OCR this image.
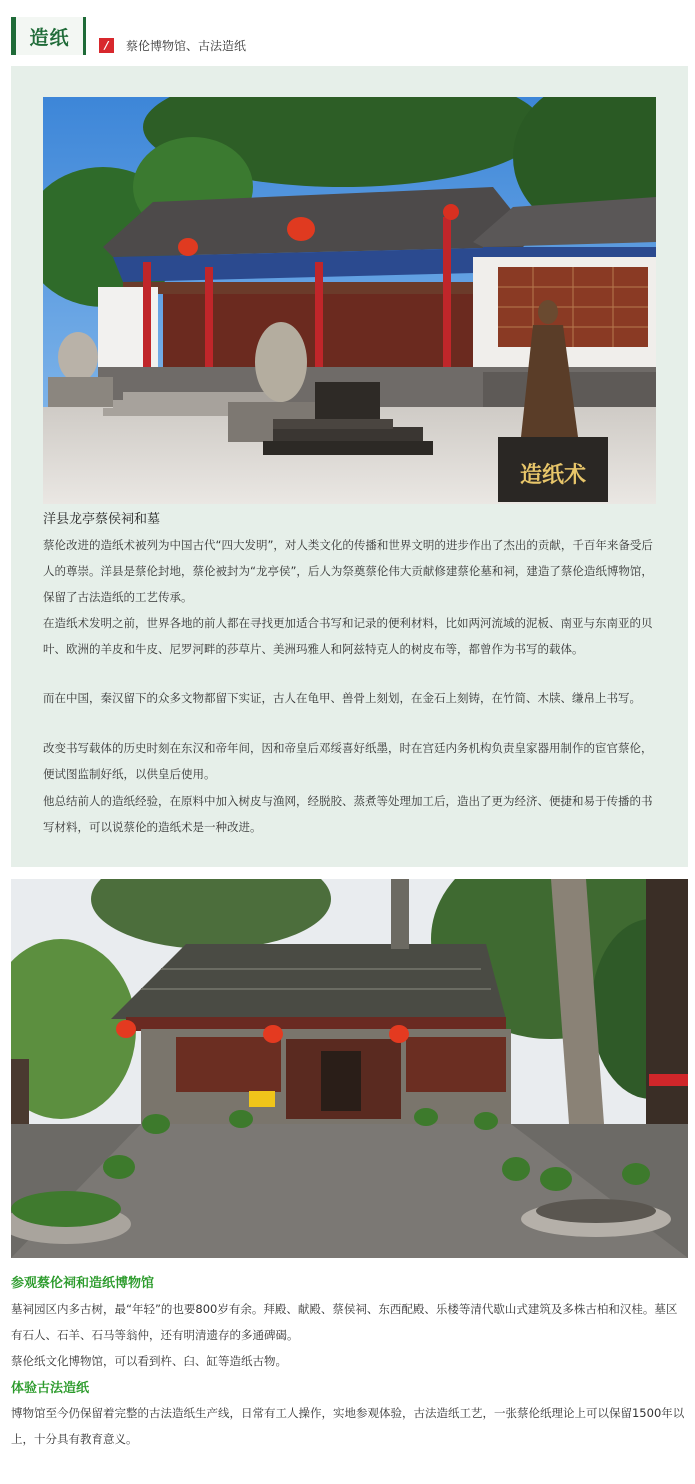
造纸	/	蔡伦博物馆、古法造纸
造纸术
洋县龙亭蔡侯祠和墓
蔡伦改进的造纸术被列为中国古代“四大发明”，对人类文化的传播和世界文明的进步作出了杰出的贡献，千百年来备受后人的尊崇。洋县是蔡伦封地，蔡伦被封为“龙亭侯”，后人为祭奠蔡伦伟大贡献修建蔡伦墓和祠，建造了蔡伦造纸博物馆，保留了古法造纸的工艺传承。
在造纸术发明之前，世界各地的前人都在寻找更加适合书写和记录的便利材料，比如两河流域的泥板、南亚与东南亚的贝叶、欧洲的羊皮和牛皮、尼罗河畔的莎草片、美洲玛雅人和阿兹特克人的树皮布等，都曾作为书写的载体。
而在中国，秦汉留下的众多文物都留下实证，古人在龟甲、兽骨上刻划，在金石上刻铸，在竹简、木牍、缣帛上书写。
改变书写载体的历史时刻在东汉和帝年间，因和帝皇后邓绥喜好纸墨，时在宫廷内务机构负责皇家器用制作的宦官蔡伦，便试图监制好纸，以供皇后使用。
他总结前人的造纸经验，在原料中加入树皮与渔网，经脱胶、蒸煮等处理加工后，造出了更为经济、便捷和易于传播的书写材料，可以说蔡伦的造纸术是一种改进。
参观蔡伦祠和造纸博物馆
墓祠园区内多古树，最“年轻”的也要800岁有余。拜殿、献殿、蔡侯祠、东西配殿、乐楼等清代歇山式建筑及多株古柏和汉桂。墓区有石人、石羊、石马等翁仲，还有明清遗存的多通碑碣。
蔡伦纸文化博物馆，可以看到杵、臼、缸等造纸古物。
体验古法造纸
博物馆至今仍保留着完整的古法造纸生产线，日常有工人操作，实地参观体验，古法造纸工艺，一张蔡伦纸理论上可以保留1500年以上，十分具有教育意义。
